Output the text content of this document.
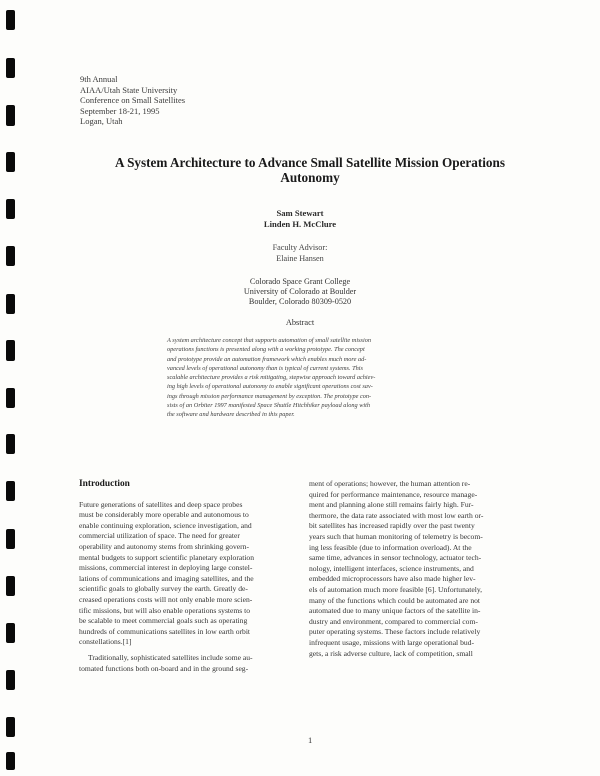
9th Annual
AIAA/Utah State University
Conference on Small Satellites
September 18-21, 1995
Logan, Utah
A System Architecture to Advance Small Satellite Mission Operations
Autonomy
Sam Stewart
Linden H. McClure
Faculty Advisor:
Elaine Hansen
Colorado Space Grant College
University of Colorado at Boulder
Boulder, Colorado 80309-0520
Abstract
A system architecture concept that supports automation of small satellite mission
operations functions is presented along with a working prototype. The concept
and prototype provide an automation framework which enables much more ad-
vanced levels of operational autonomy than is typical of current systems. This
scalable architecture provides a risk mitigating, stepwise approach toward achiev-
ing high levels of operational autonomy to enable significant operations cost sav-
ings through mission performance management by exception. The prototype con-
sists of an Orbiter 1997 manifested Space Shuttle Hitchhiker payload along with
the software and hardware described in this paper.
Introduction
Future generations of satellites and deep space probes
must be considerably more operable and autonomous to
enable continuing exploration, science investigation, and
commercial utilization of space. The need for greater
operability and autonomy stems from shrinking govern-
mental budgets to support scientific planetary exploration
missions, commercial interest in deploying large constel-
lations of communications and imaging satellites, and the
scientific goals to globally survey the earth. Greatly de-
creased operations costs will not only enable more scien-
tific missions, but will also enable operations systems to
be scalable to meet commercial goals such as operating
hundreds of communications satellites in low earth orbit
constellations.[1]
Traditionally, sophisticated satellites include some au-
tomated functions both on-board and in the ground seg-
ment of operations; however, the human attention re-
quired for performance maintenance, resource manage-
ment and planning alone still remains fairly high. Fur-
thermore, the data rate associated with most low earth or-
bit satellites has increased rapidly over the past twenty
years such that human monitoring of telemetry is becom-
ing less feasible (due to information overload). At the
same time, advances in sensor technology, actuator tech-
nology, intelligent interfaces, science instruments, and
embedded microprocessors have also made higher lev-
els of automation much more feasible [6]. Unfortunately,
many of the functions which could be automated are not
automated due to many unique factors of the satellite in-
dustry and environment, compared to commercial com-
puter operating systems. These factors include relatively
infrequent usage, missions with large operational bud-
gets, a risk adverse culture, lack of competition, small
1
